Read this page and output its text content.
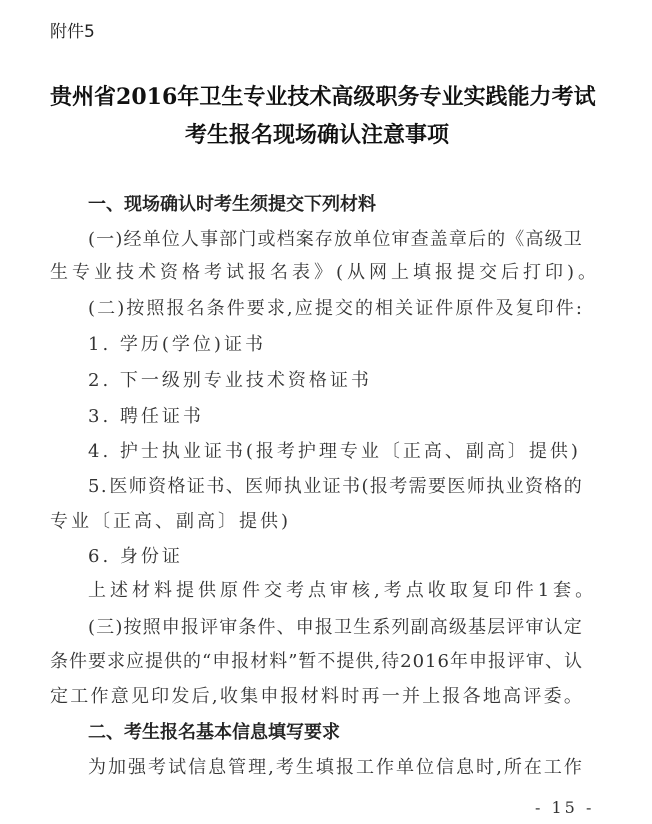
附件5
贵 州 省 2 0 1 6 年 卫 生 专 业 技 术 高 级 职 务 专 业 实 践 能 力 考 试
考生报名现场确认注意事项
一、现场确认时考生须提交下列材料
( 一 ) 经 单 位 人 事 部 门 或 档 案 存 放 单 位 审 查 盖 章 后 的 《 高 级 卫
生专业技术资格考试报名表》(从网上填报提交后打印)。
( 二 ) 按 照 报 名 条 件 要 求 , 应 提 交 的 相 关 证 件 原 件 及 复 印 件 :
1. 学历(学位)证书
2. 下一级别专业技术资格证书
3. 聘任证书
4. 护士执业证书(报考护理专业〔正高、副高〕提供)
5 . 医 师 资 格 证 书 、 医 师 执 业 证 书 ( 报 考 需 要 医 师 执 业 资 格 的
专业〔正高、副高〕提供)
6. 身份证
上述材料提供原件交考点审核,考点收取复印件1套。
( 三 ) 按 照 申 报 评 审 条 件 、 申 报 卫 生 系 列 副 高 级 基 层 评 审 认 定
条 件 要 求 应 提 供 的 “ 申 报 材 料 ” 暂 不 提 供 , 待 2 0 1 6 年 申 报 评 审 、 认
定 工 作 意 见 印 发 后 , 收 集 申 报 材 料 时 再 一 并 上 报 各 地 高 评 委 。
二、考生报名基本信息填写要求
为 加 强 考 试 信 息 管 理 , 考 生 填 报 工 作 单 位 信 息 时 , 所 在 工 作
- 15 -
